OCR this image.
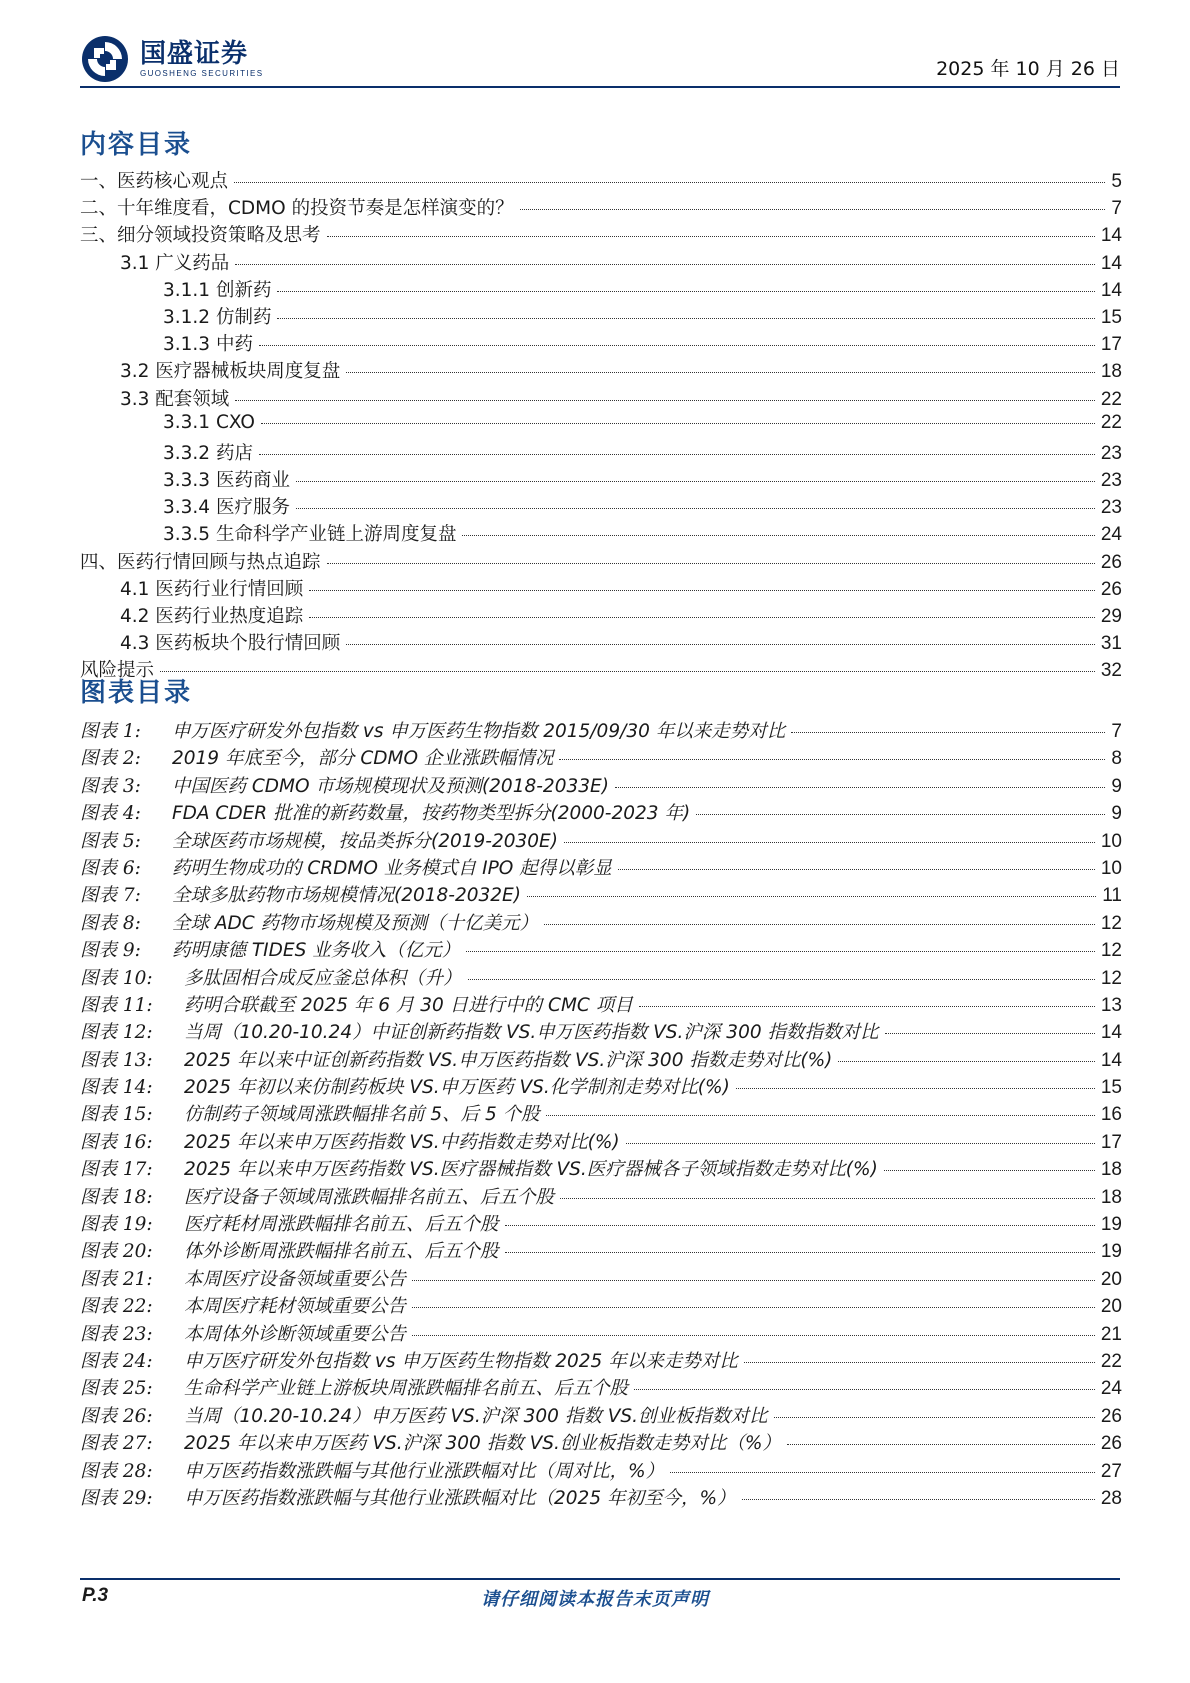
国盛证券
GUOSHENG SECURITIES	2025 年 10 月 26 日
内容目录
一、医药核心观点	5
二、十年维度看，CDMO 的投资节奏是怎样演变的？	7
三、细分领域投资策略及思考	14
3.1 广义药品	14
3.1.1 创新药	14
3.1.2 仿制药	15
3.1.3 中药	17
3.2 医疗器械板块周度复盘	18
3.3 配套领域	22
3.3.1 CXO	22
3.3.2 药店	23
3.3.3 医药商业	23
3.3.4 医疗服务	23
3.3.5 生命科学产业链上游周度复盘	24
四、医药行情回顾与热点追踪	26
4.1 医药行业行情回顾	26
4.2 医药行业热度追踪	29
4.3 医药板块个股行情回顾	31
风险提示	32
图表目录
图表 1:	申万医疗研发外包指数 vs 申万医药生物指数 2015/09/30 年以来走势对比	7
图表 2:	2019 年底至今，部分 CDMO 企业涨跌幅情况	8
图表 3:	中国医药 CDMO 市场规模现状及预测(2018-2033E)	9
图表 4:	FDA CDER 批准的新药数量，按药物类型拆分(2000-2023 年)	9
图表 5:	全球医药市场规模，按品类拆分(2019-2030E)	10
图表 6:	药明生物成功的 CRDMO 业务模式自 IPO 起得以彰显	10
图表 7:	全球多肽药物市场规模情况(2018-2032E)	11
图表 8:	全球 ADC 药物市场规模及预测（十亿美元）	12
图表 9:	药明康德 TIDES 业务收入（亿元）	12
图表 10:	多肽固相合成反应釜总体积（升）	12
图表 11:	药明合联截至 2025 年 6 月 30 日进行中的 CMC 项目	13
图表 12:	当周（10.20-10.24）中证创新药指数 VS.申万医药指数 VS.沪深 300 指数指数对比	14
图表 13:	2025 年以来中证创新药指数 VS.申万医药指数 VS.沪深 300 指数走势对比(%)	14
图表 14:	2025 年初以来仿制药板块 VS.申万医药 VS.化学制剂走势对比(%)	15
图表 15:	仿制药子领域周涨跌幅排名前 5、后 5 个股	16
图表 16:	2025 年以来申万医药指数 VS.中药指数走势对比(%)	17
图表 17:	2025 年以来申万医药指数 VS.医疗器械指数 VS.医疗器械各子领域指数走势对比(%)	18
图表 18:	医疗设备子领域周涨跌幅排名前五、后五个股	18
图表 19:	医疗耗材周涨跌幅排名前五、后五个股	19
图表 20:	体外诊断周涨跌幅排名前五、后五个股	19
图表 21:	本周医疗设备领域重要公告	20
图表 22:	本周医疗耗材领域重要公告	20
图表 23:	本周体外诊断领域重要公告	21
图表 24:	申万医疗研发外包指数 vs 申万医药生物指数 2025 年以来走势对比	22
图表 25:	生命科学产业链上游板块周涨跌幅排名前五、后五个股	24
图表 26:	当周（10.20-10.24）申万医药 VS.沪深 300 指数 VS.创业板指数对比	26
图表 27:	2025 年以来申万医药 VS.沪深 300 指数 VS.创业板指数走势对比（%）	26
图表 28:	申万医药指数涨跌幅与其他行业涨跌幅对比（周对比，%）	27
图表 29:	申万医药指数涨跌幅与其他行业涨跌幅对比（2025 年初至今，%）	28
P.3	请仔细阅读本报告末页声明
